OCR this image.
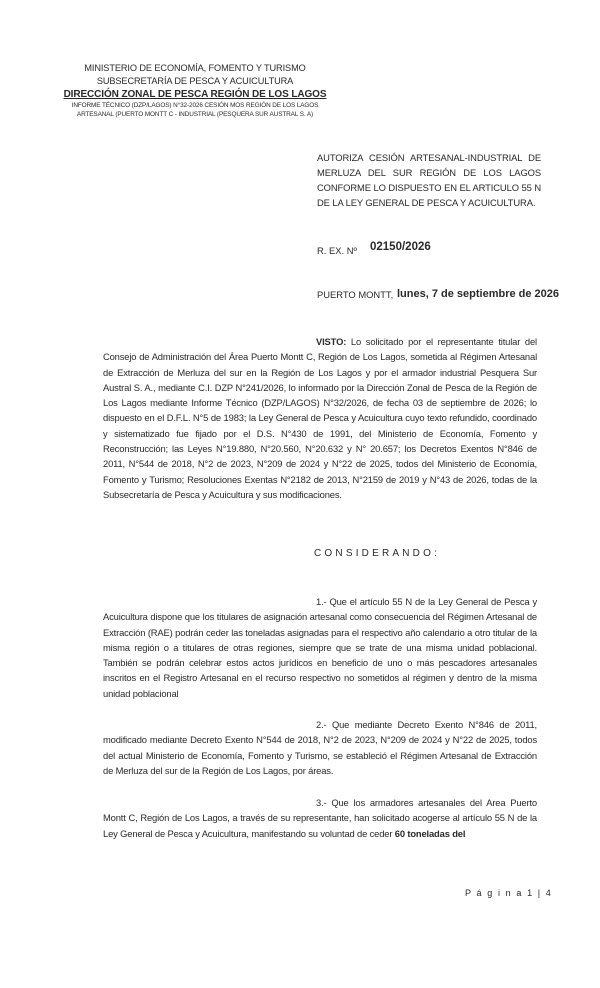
MINISTERIO DE ECONOMÍA, FOMENTO Y TURISMO
SUBSECRETARÍA DE PESCA Y ACUICULTURA
DIRECCIÓN ZONAL DE PESCA REGIÓN DE LOS LAGOS
INFORME TÉCNICO (DZP/LAGOS) N°32-2026 CESIÓN MOS REGIÓN DE LOS LAGOS
ARTESANAL (PUERTO MONTT C - INDUSTRIAL (PESQUERA SUR AUSTRAL S. A)
AUTORIZA CESIÓN ARTESANAL-INDUSTRIAL DE MERLUZA DEL SUR REGIÓN DE LOS LAGOS CONFORME LO DISPUESTO EN EL ARTICULO 55 N DE LA LEY GENERAL DE PESCA Y ACUICULTURA.
R. EX. Nº 02150/2026
PUERTO MONTT, lunes, 7 de septiembre de 2026
VISTO: Lo solicitado por el representante titular del Consejo de Administración del Área Puerto Montt C, Región de Los Lagos, sometida al Régimen Artesanal de Extracción de Merluza del sur en la Región de Los Lagos y por el armador industrial Pesquera Sur Austral S. A., mediante C.I. DZP N°241/2026, lo informado por la Dirección Zonal de Pesca de la Región de Los Lagos mediante Informe Técnico (DZP/LAGOS) N°32/2026, de fecha 03 de septiembre de 2026; lo dispuesto en el D.F.L. N°5 de 1983; la Ley General de Pesca y Acuicultura cuyo texto refundido, coordinado y sistematizado fue fijado por el D.S. N°430 de 1991, del Ministerio de Economía, Fomento y Reconstrucción; las Leyes N°19.880, N°20.560, N°20.632 y N° 20.657; los Decretos Exentos N°846 de 2011, N°544 de 2018, N°2 de 2023, N°209 de 2024 y N°22 de 2025, todos del Ministerio de Economía, Fomento y Turismo; Resoluciones Exentas N°2182 de 2013, N°2159 de 2019 y N°43 de 2026, todas de la Subsecretaría de Pesca y Acuicultura y sus modificaciones.
CONSIDERANDO:
1.- Que el artículo 55 N de la Ley General de Pesca y Acuicultura dispone que los titulares de asignación artesanal como consecuencia del Régimen Artesanal de Extracción (RAE) podrán ceder las toneladas asignadas para el respectivo año calendario a otro titular de la misma región o a titulares de otras regiones, siempre que se trate de una misma unidad poblacional. También se podrán celebrar estos actos jurídicos en beneficio de uno o más pescadores artesanales inscritos en el Registro Artesanal en el recurso respectivo no sometidos al régimen y dentro de la misma unidad poblacional
2.- Que mediante Decreto Exento N°846 de 2011, modificado mediante Decreto Exento N°544 de 2018, N°2 de 2023, N°209 de 2024 y N°22 de 2025, todos del actual Ministerio de Economía, Fomento y Turismo, se estableció el Régimen Artesanal de Extracción de Merluza del sur de la Región de Los Lagos, por áreas.
3.- Que los armadores artesanales del Area Puerto Montt C, Región de Los Lagos, a través de su representante, han solicitado acogerse al artículo 55 N de la Ley General de Pesca y Acuicultura, manifestando su voluntad de ceder 60 toneladas del
P á g i n a 1 | 4
